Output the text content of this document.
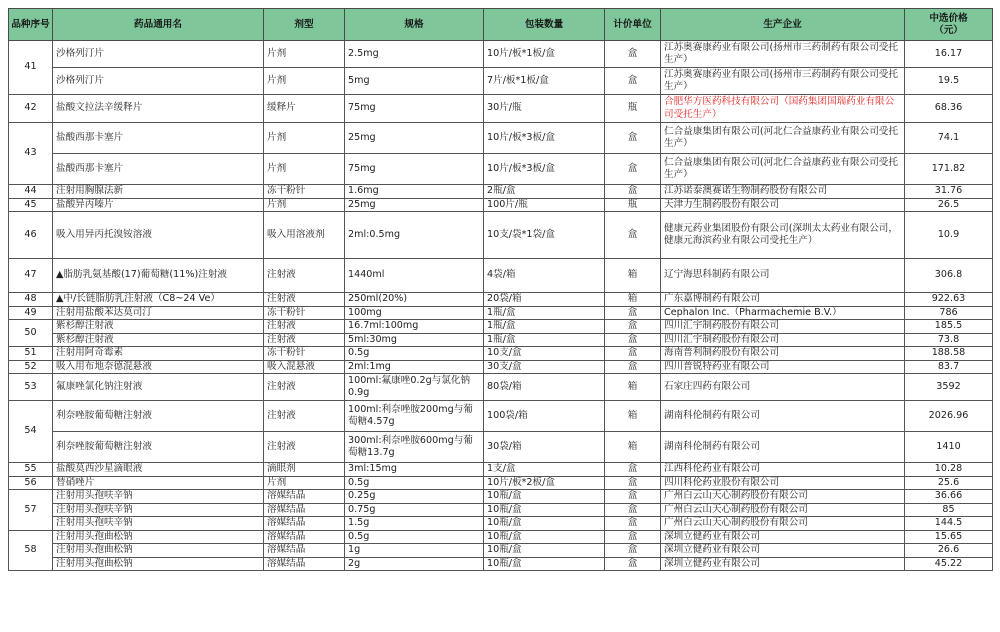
品种序号	药品通用名	剂型	规格	包装数量	计价单位	生产企业	中选价格
（元）
41	沙格列汀片	片剂	2.5mg	10片/板*1板/盒	盒	江苏奥赛康药业有限公司(扬州市三药制药有限公司受托生产）	16.17
	沙格列汀片	片剂	5mg	7片/板*1板/盒	盒	江苏奥赛康药业有限公司(扬州市三药制药有限公司受托生产）	19.5
42	盐酸文拉法辛缓释片	缓释片	75mg	30片/瓶	瓶	合肥华方医药科技有限公司（国药集团国瑞药业有限公司受托生产）	68.36
43	盐酸西那卡塞片	片剂	25mg	10片/板*3板/盒	盒	仁合益康集团有限公司(河北仁合益康药业有限公司受托生产）	74.1
	盐酸西那卡塞片	片剂	75mg	10片/板*3板/盒	盒	仁合益康集团有限公司(河北仁合益康药业有限公司受托生产）	171.82
44	注射用胸腺法新	冻干粉针	1.6mg	2瓶/盒	盒	江苏诺泰澳赛诺生物制药股份有限公司	31.76
45	盐酸异丙嗪片	片剂	25mg	100片/瓶	瓶	天津力生制药股份有限公司	26.5
46	吸入用异丙托溴铵溶液	吸入用溶液剂	2ml:0.5mg	10支/袋*1袋/盒	盒	健康元药业集团股份有限公司(深圳太太药业有限公司，健康元海滨药业有限公司受托生产）	10.9
47	▲脂肪乳氨基酸(17)葡萄糖(11%)注射液	注射液	1440ml	4袋/箱	箱	辽宁海思科制药有限公司	306.8
48	▲中/长链脂肪乳注射液（C8~24 Ve）	注射液	250ml(20%)	20袋/箱	箱	广东嘉博制药有限公司	922.63
49	注射用盐酸苯达莫司汀	冻干粉针	100mg	1瓶/盒	盒	Cephalon Inc.（Pharmachemie B.V.）	786
50	紫杉醇注射液	注射液	16.7ml:100mg	1瓶/盒	盒	四川汇宇制药股份有限公司	185.5
	紫杉醇注射液	注射液	5ml:30mg	1瓶/盒	盒	四川汇宇制药股份有限公司	73.8
51	注射用阿奇霉素	冻干粉针	0.5g	10支/盒	盒	海南普利制药股份有限公司	188.58
52	吸入用布地奈德混悬液	吸入混悬液	2ml:1mg	30支/盒	盒	四川普锐特药业有限公司	83.7
53	氟康唑氯化钠注射液	注射液	100ml:氟康唑0.2g与氯化钠0.9g	80袋/箱	箱	石家庄四药有限公司	3592
54	利奈唑胺葡萄糖注射液	注射液	100ml:利奈唑胺200mg与葡萄糖4.57g	100袋/箱	箱	湖南科伦制药有限公司	2026.96
	利奈唑胺葡萄糖注射液	注射液	300ml:利奈唑胺600mg与葡萄糖13.7g	30袋/箱	箱	湖南科伦制药有限公司	1410
55	盐酸莫西沙星滴眼液	滴眼剂	3ml:15mg	1支/盒	盒	江西科伦药业有限公司	10.28
56	替硝唑片	片剂	0.5g	10片/板*2板/盒	盒	四川科伦药业股份有限公司	25.6
57	注射用头孢呋辛钠	溶媒结晶	0.25g	10瓶/盒	盒	广州白云山天心制药股份有限公司	36.66
	注射用头孢呋辛钠	溶媒结晶	0.75g	10瓶/盒	盒	广州白云山天心制药股份有限公司	85
	注射用头孢呋辛钠	溶媒结晶	1.5g	10瓶/盒	盒	广州白云山天心制药股份有限公司	144.5
58	注射用头孢曲松钠	溶媒结晶	0.5g	10瓶/盒	盒	深圳立健药业有限公司	15.65
	注射用头孢曲松钠	溶媒结晶	1g	10瓶/盒	盒	深圳立健药业有限公司	26.6
	注射用头孢曲松钠	溶媒结晶	2g	10瓶/盒	盒	深圳立健药业有限公司	45.22
